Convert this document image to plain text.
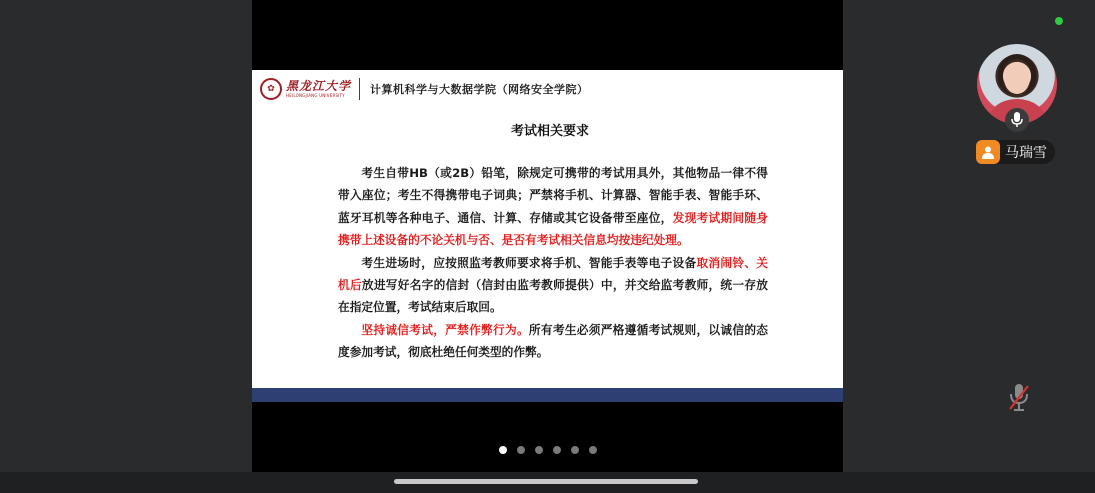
✿ 黑龙江大学
HEILONGJIANG UNIVERSITY	计算机科学与大数据学院（网络安全学院）
考试相关要求

考生自带HB（或2B）铅笔，除规定可携带的考试用具外，其他物品一律不得带入座位；考生不得携带电子词典；严禁将手机、计算器、智能手表、智能手环、蓝牙耳机等各种电子、通信、计算、存储或其它设备带至座位，发现考试期间随身携带上述设备的不论关机与否、是否有考试相关信息均按违纪处理。

考生进场时，应按照监考教师要求将手机、智能手表等电子设备取消闹铃、关机后放进写好名字的信封（信封由监考教师提供）中，并交给监考教师，统一存放在指定位置，考试结束后取回。

坚持诚信考试，严禁作弊行为。所有考生必须严格遵循考试规则，以诚信的态度参加考试，彻底杜绝任何类型的作弊。

马瑞雪
